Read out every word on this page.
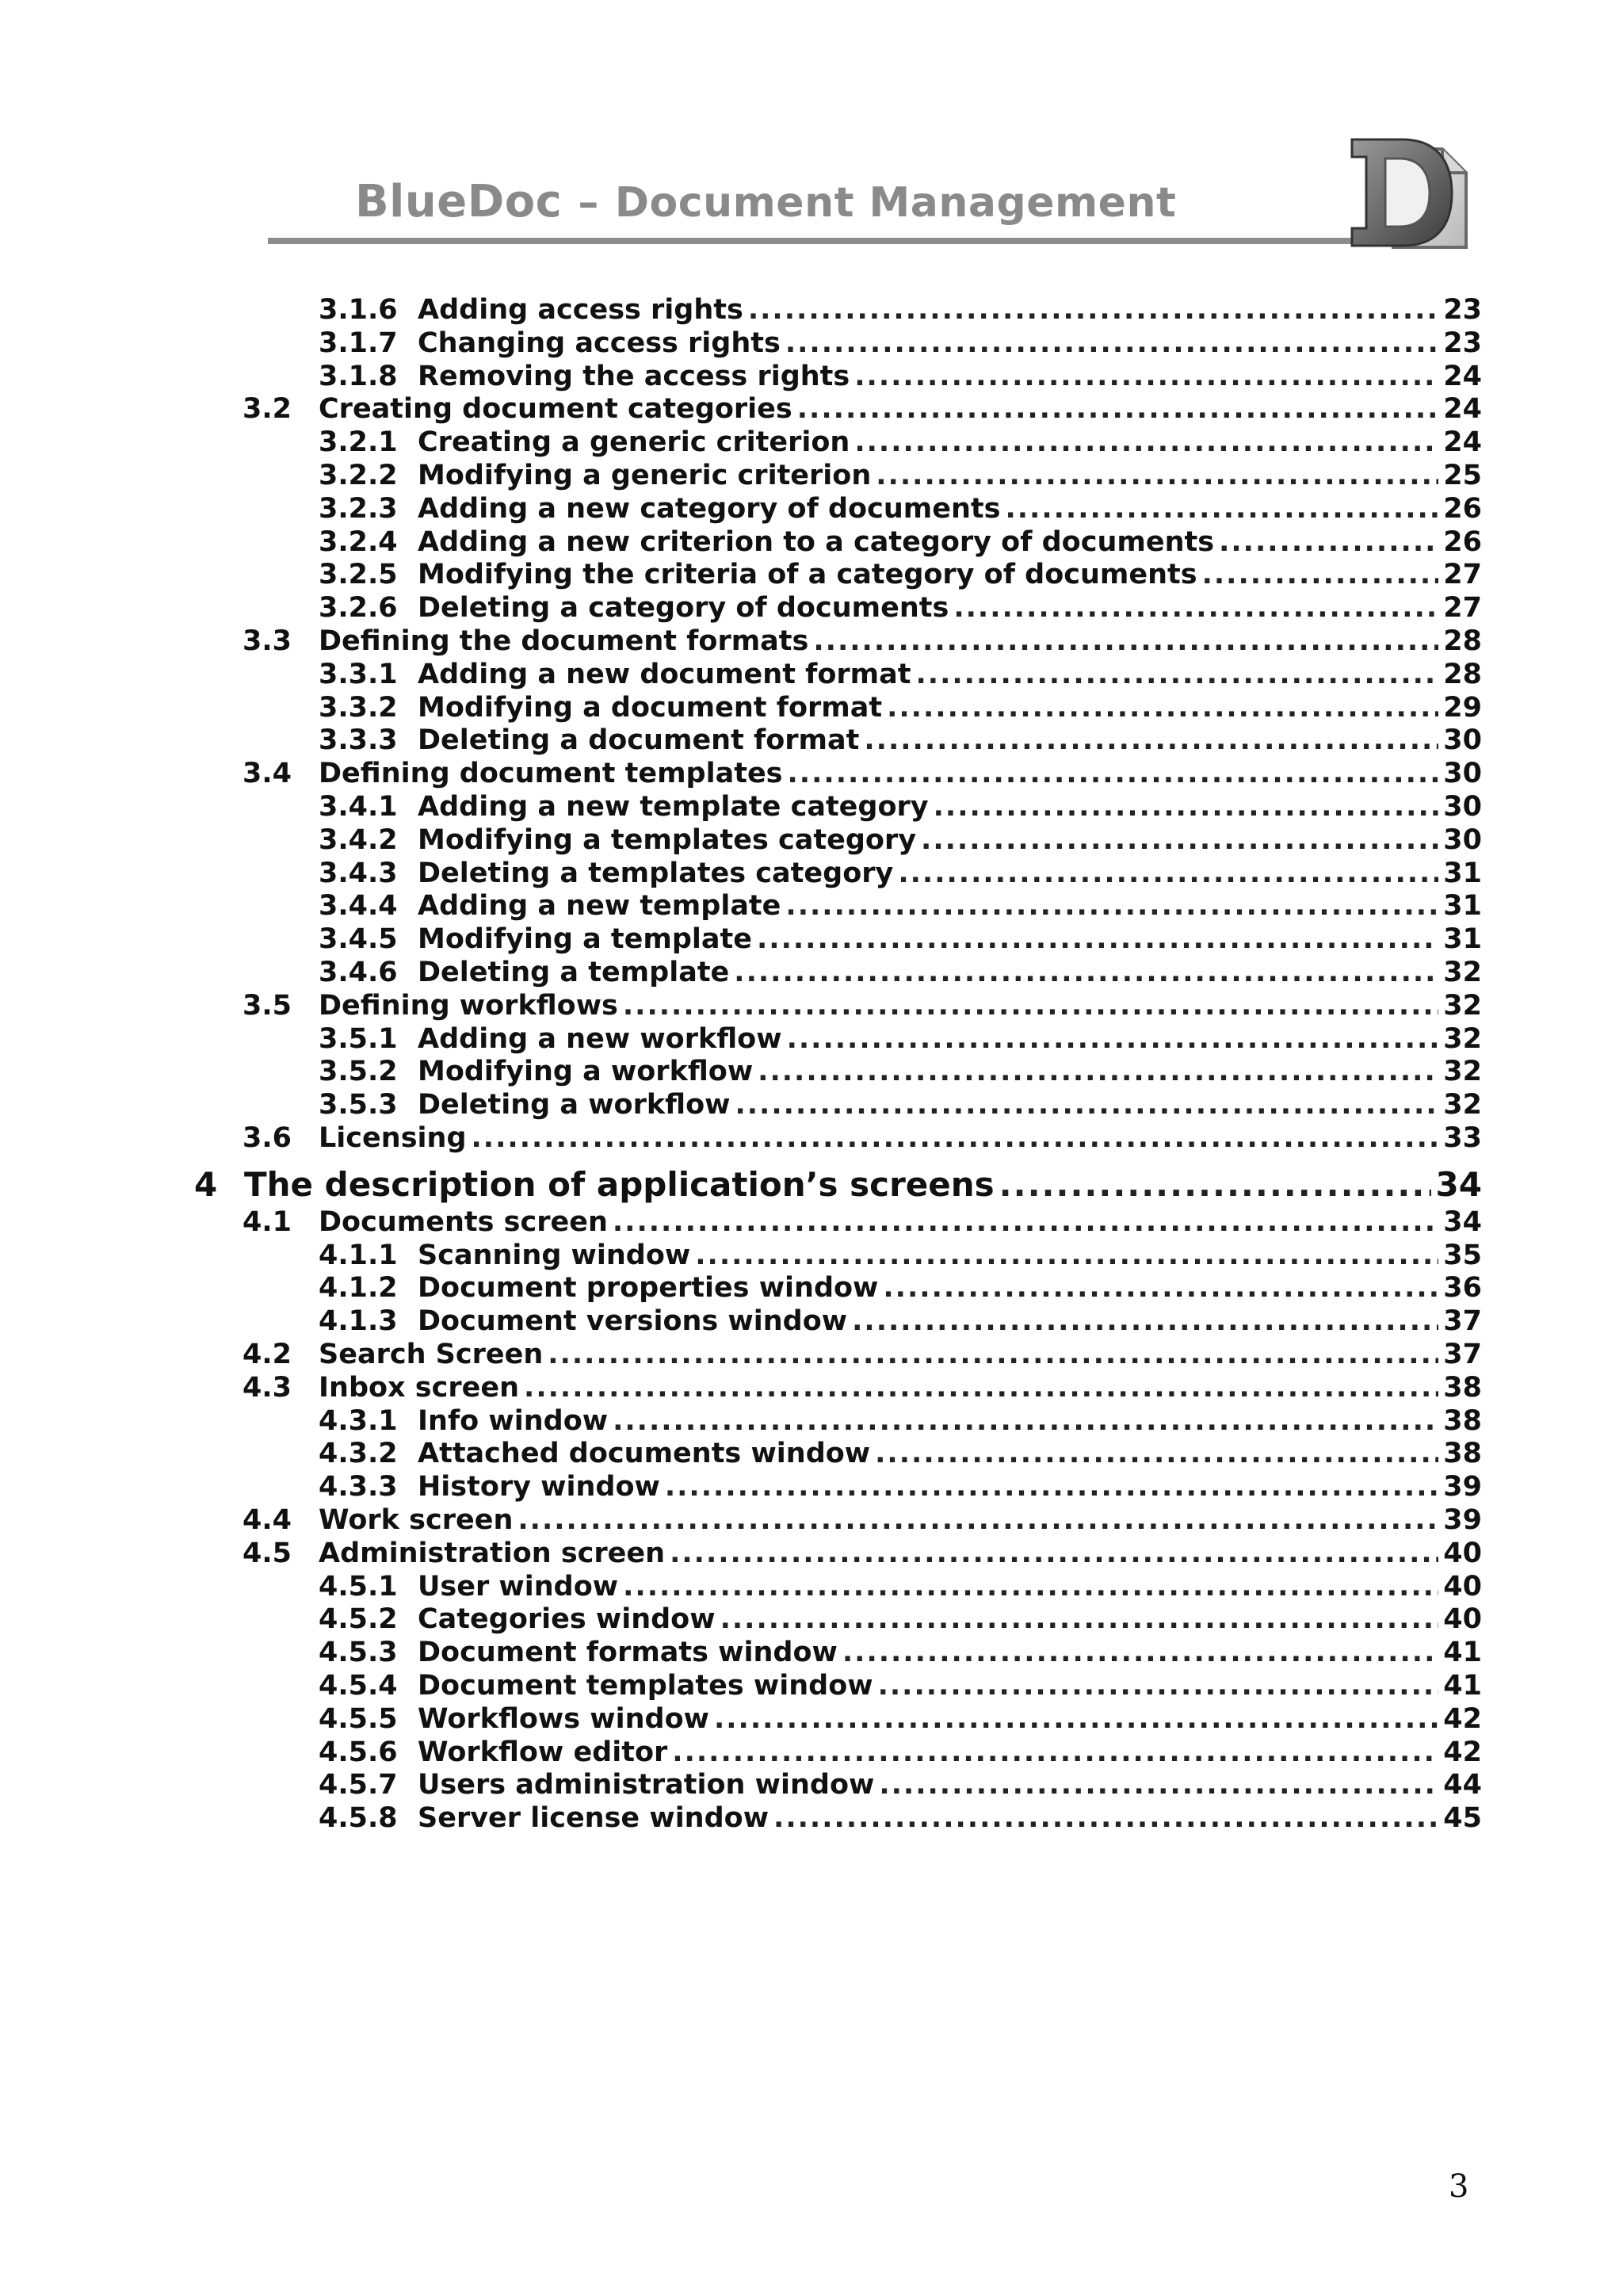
BlueDoc – Document Management
3.1.6 Adding access rights .....	23
3.1.7 Changing access rights .....	23
3.1.8 Removing the access rights .....	24
3.2 Creating document categories .....	24
3.2.1 Creating a generic criterion .....	24
3.2.2 Modifying a generic criterion .....	25
3.2.3 Adding a new category of documents .....	26
3.2.4 Adding a new criterion to a category of documents .....	26
3.2.5 Modifying the criteria of a category of documents .....	27
3.2.6 Deleting a category of documents .....	27
3.3 Defining the document formats .....	28
3.3.1 Adding a new document format .....	28
3.3.2 Modifying a document format .....	29
3.3.3 Deleting a document format .....	30
3.4 Defining document templates .....	30
3.4.1 Adding a new template category .....	30
3.4.2 Modifying a templates category .....	30
3.4.3 Deleting a templates category .....	31
3.4.4 Adding a new template .....	31
3.4.5 Modifying a template .....	31
3.4.6 Deleting a template .....	32
3.5 Defining workflows .....	32
3.5.1 Adding a new workflow .....	32
3.5.2 Modifying a workflow .....	32
3.5.3 Deleting a workflow .....	32
3.6 Licensing .....	33
4 The description of application’s screens .....	34
4.1 Documents screen .....	34
4.1.1 Scanning window .....	35
4.1.2 Document properties window .....	36
4.1.3 Document versions window .....	37
4.2 Search Screen .....	37
4.3 Inbox screen .....	38
4.3.1 Info window .....	38
4.3.2 Attached documents window .....	38
4.3.3 History window .....	39
4.4 Work screen .....	39
4.5 Administration screen .....	40
4.5.1 User window .....	40
4.5.2 Categories window .....	40
4.5.3 Document formats window .....	41
4.5.4 Document templates window .....	41
4.5.5 Workflows window .....	42
4.5.6 Workflow editor .....	42
4.5.7 Users administration window .....	44
4.5.8 Server license window .....	45
3
